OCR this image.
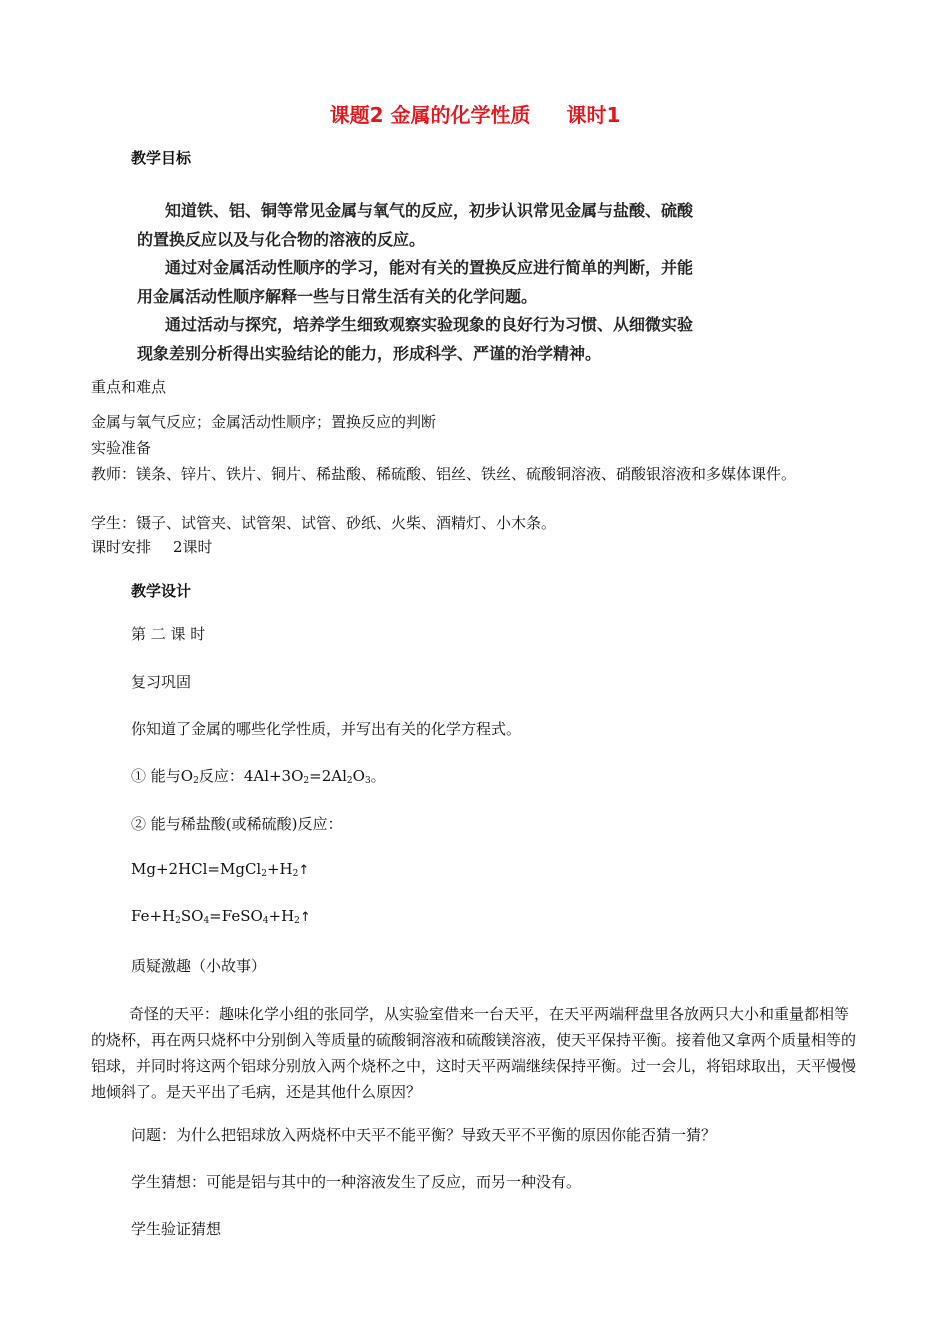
课题2 金属的化学性质 课时1
教学目标

知道铁、铝、铜等常见金属与氧气的反应，初步认识常见金属与盐酸、硫酸

的置换反应以及与化合物的溶液的反应。

通过对金属活动性顺序的学习，能对有关的置换反应进行简单的判断，并能

用金属活动性顺序解释一些与日常生活有关的化学问题。

通过活动与探究，培养学生细致观察实验现象的良好行为习惯、从细微实验

现象差别分析得出实验结论的能力，形成科学、严谨的治学精神。

重点和难点
金属与氧气反应；金属活动性顺序；置换反应的判断
实验准备
教师：镁条、锌片、铁片、铜片、稀盐酸、稀硫酸、铝丝、铁丝、硫酸铜溶液、硝酸银溶液和多媒体课件。
学生：镊子、试管夹、试管架、试管、砂纸、火柴、酒精灯、小木条。
课时安排 2课时
教学设计
第 二 课 时
复习巩固
你知道了金属的哪些化学性质，并写出有关的化学方程式。
① 能与$O_2$反应：$4Al+3O_2=2Al_2O_3$。
② 能与稀盐酸(或稀硫酸)反应：
$Mg+2HCl=MgCl_2+H_2↑$
$Fe+H_2SO_4=FeSO_4+H_2↑$
质疑激趣（小故事）
奇怪的天平：趣味化学小组的张同学，从实验室借来一台天平，在天平两端秤盘里各放两只大小和重量都相等的烧杯，再在两只烧杯中分别倒入等质量的硫酸铜溶液和硫酸镁溶液，使天平保持平衡。接着他又拿两个质量相等的铝球，并同时将这两个铝球分别放入两个烧杯之中，这时天平两端继续保持平衡。过一会儿，将铝球取出，天平慢慢地倾斜了。是天平出了毛病，还是其他什么原因？
问题：为什么把铝球放入两烧杯中天平不能平衡？导致天平不平衡的原因你能否猜一猜？
学生猜想：可能是铝与其中的一种溶液发生了反应，而另一种没有。
学生验证猜想
